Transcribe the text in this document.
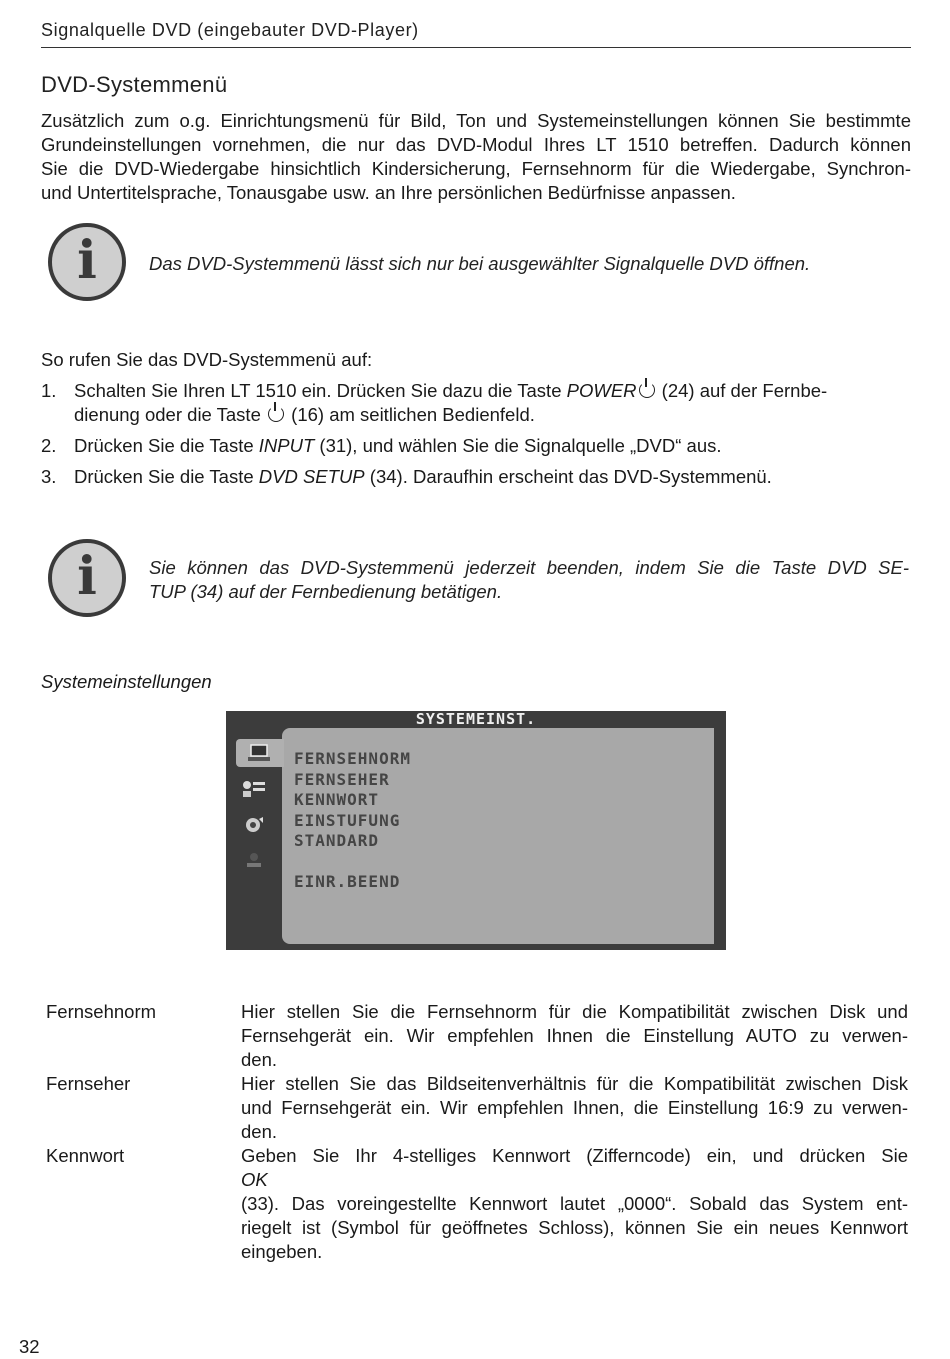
Signalquelle DVD (eingebauter DVD-Player)
DVD-Systemmenü
Zusätzlich zum o.g. Einrichtungsmenü für Bild, Ton und Systemeinstellungen können Sie bestimmte
Grundeinstellungen vornehmen, die nur das DVD-Modul Ihres LT 1510 betreffen. Dadurch können
Sie die DVD-Wiedergabe hinsichtlich Kindersicherung, Fernsehnorm für die Wiedergabe, Synchron-
und Untertitelsprache, Tonausgabe usw. an Ihre persönlichen Bedürfnisse anpassen.
i	Das DVD-Systemmenü lässt sich nur bei ausgewählter Signalquelle DVD öffnen.
So rufen Sie das DVD-Systemmenü auf:
1. Schalten Sie Ihren LT 1510 ein. Drücken Sie dazu die Taste POWER (24) auf der Fernbe-
dienung oder die Taste  (16) am seitlichen Bedienfeld.
2. Drücken Sie die Taste INPUT (31), und wählen Sie die Signalquelle „DVD“ aus.
3. Drücken Sie die Taste DVD SETUP (34). Daraufhin erscheint das DVD-Systemmenü.
i	Sie können das DVD-Systemmenü jederzeit beenden, indem Sie die Taste DVD SE-
TUP (34) auf der Fernbedienung betätigen.
Systemeinstellungen
SYSTEMEINST.
FERNSEHNORM
FERNSEHER
KENNWORT
EINSTUFUNG
STANDARD
EINR.BEEND
Fernsehnorm	Hier stellen Sie die Fernsehnorm für die Kompatibilität zwischen Disk und
Fernsehgerät ein. Wir empfehlen Ihnen die Einstellung AUTO zu verwen-
den.
Fernseher	Hier stellen Sie das Bildseitenverhältnis für die Kompatibilität zwischen Disk
und Fernsehgerät ein. Wir empfehlen Ihnen, die Einstellung 16:9 zu verwen-
den.
Kennwort	Geben Sie Ihr 4-stelliges Kennwort (Zifferncode) ein, und drücken Sie
OK
(33). Das voreingestellte Kennwort lautet „0000“. Sobald das System ent-
riegelt ist (Symbol für geöffnetes Schloss), können Sie ein neues Kennwort
eingeben.
32
